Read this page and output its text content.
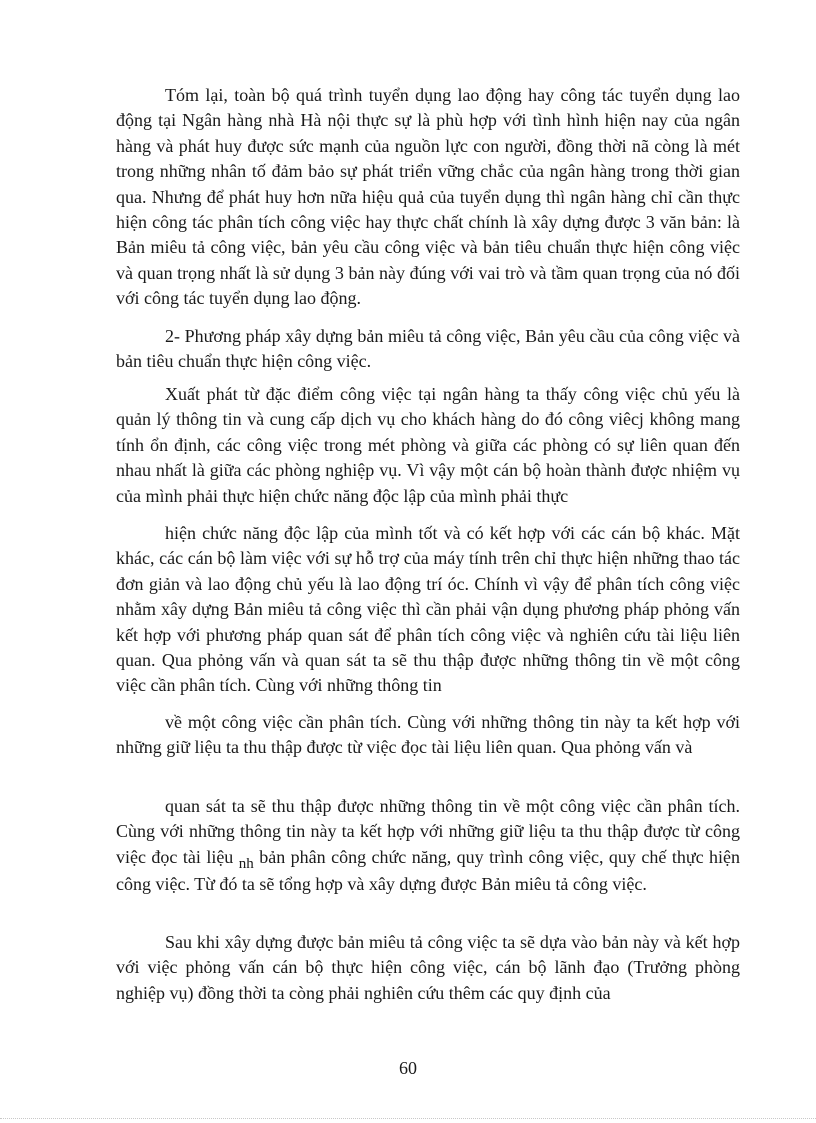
Tóm lại, toàn bộ quá trình tuyển dụng lao động hay công tác tuyển dụng lao động tại Ngân hàng nhà Hà nội thực sự là phù hợp với tình hình hiện nay của ngân hàng và phát huy được sức mạnh của nguồn lực con người, đồng thời nã còng là mét trong những nhân tố đảm bảo sự phát triển vững chắc của ngân hàng trong thời gian qua. Nhưng để phát huy hơn nữa hiệu quả của tuyển dụng thì ngân hàng chỉ cần thực hiện công tác phân tích công việc hay thực chất chính là xây dựng được 3 văn bản: là Bản miêu tả công việc, bản yêu cầu công việc và bản tiêu chuẩn thực hiện công việc và quan trọng nhất là sử dụng 3 bản này đúng với vai trò và tầm quan trọng của nó đối với công tác tuyển dụng lao động.

2- Phương pháp xây dựng bản miêu tả công việc, Bản yêu cầu của công việc và bản tiêu chuẩn thực hiện công việc.

Xuất phát từ đặc điểm công việc tại ngân hàng ta thấy công việc chủ yếu là quản lý thông tin và cung cấp dịch vụ cho khách hàng do đó công viêcj không mang tính ổn định, các công việc trong mét phòng và giữa các phòng có sự liên quan đến nhau nhất là giữa các phòng nghiệp vụ. Vì vậy một cán bộ hoàn thành được nhiệm vụ của mình phải thực hiện chức năng độc lập của mình phải thực

hiện chức năng độc lập của mình tốt và có kết hợp với các cán bộ khác. Mặt khác, các cán bộ làm việc với sự hỗ trợ của máy tính trên chỉ thực hiện những thao tác đơn giản và lao động chủ yếu là lao động trí óc. Chính vì vậy để phân tích công việc nhằm xây dựng Bản miêu tả công việc thì cần phải vận dụng phương pháp phỏng vấn kết hợp với phương pháp quan sát để phân tích công việc và nghiên cứu tài liệu liên quan. Qua phỏng vấn và quan sát ta sẽ thu thập được những thông tin về một công việc cần phân tích. Cùng với những thông tin

về một công việc cần phân tích. Cùng với những thông tin này ta kết hợp với những giữ liệu ta thu thập được từ việc đọc tài liệu liên quan. Qua phỏng vấn và

quan sát ta sẽ thu thập được những thông tin về một công việc cần phân tích. Cùng với những thông tin này ta kết hợp với những giữ liệu ta thu thập được từ công việc đọc tài liệu $_{nh}$ bản phân công chức năng, quy trình công việc, quy chế thực hiện công việc. Từ đó ta sẽ tổng hợp và xây dựng được Bản miêu tả công việc.

Sau khi xây dựng được bản miêu tả công việc ta sẽ dựa vào bản này và kết hợp với việc phỏng vấn cán bộ thực hiện công việc, cán bộ lãnh đạo (Trưởng phòng nghiệp vụ) đồng thời ta còng phải nghiên cứu thêm các quy định của

60
